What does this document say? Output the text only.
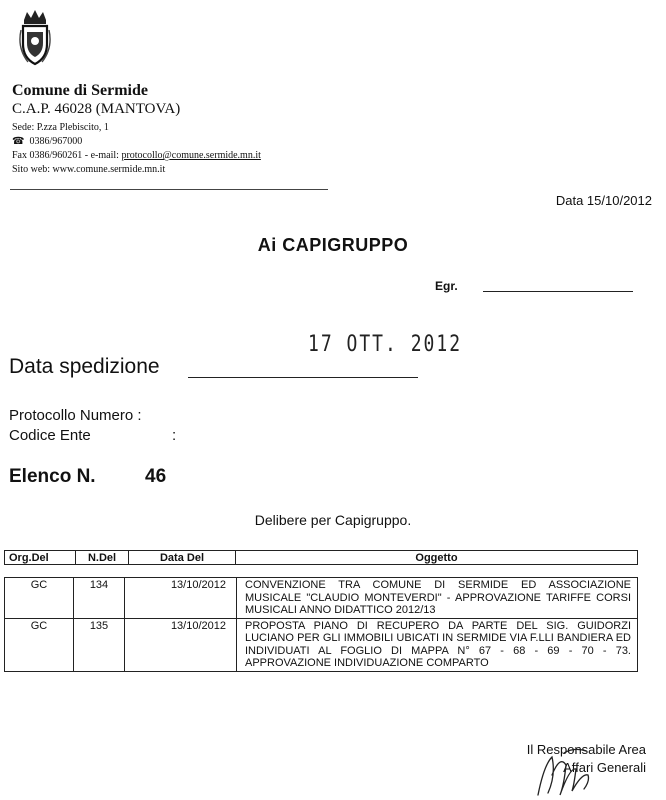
Comune di Sermide
C.A.P. 46028 (MANTOVA)
Sede: P.zza Plebiscito, 1
☎ 0386/967000
Fax 0386/960261 - e-mail: protocollo@comune.sermide.mn.it
Sito web: www.comune.sermide.mn.it
Data 15/10/2012
Ai CAPIGRUPPO
Egr.
17 OTT. 2012
Data spedizione
Protocollo Numero :
Codice Ente	:
Elenco N.	46
Delibere per Capigruppo.
Org.Del	N.Del	Data Del	Oggetto
GC	134	13/10/2012	CONVENZIONE TRA COMUNE DI SERMIDE ED ASSOCIAZIONE MUSICALE "CLAUDIO MONTEVERDI" - APPROVAZIONE TARIFFE CORSI MUSICALI ANNO DIDATTICO 2012/13
GC	135	13/10/2012	PROPOSTA PIANO DI RECUPERO DA PARTE DEL SIG. GUIDORZI LUCIANO PER GLI IMMOBILI UBICATI IN SERMIDE VIA F.LLI BANDIERA ED INDIVIDUATI AL FOGLIO DI MAPPA N° 67 - 68 - 69 - 70 - 73. APPROVAZIONE INDIVIDUAZIONE COMPARTO
Il Responsabile Area
Affari Generali
